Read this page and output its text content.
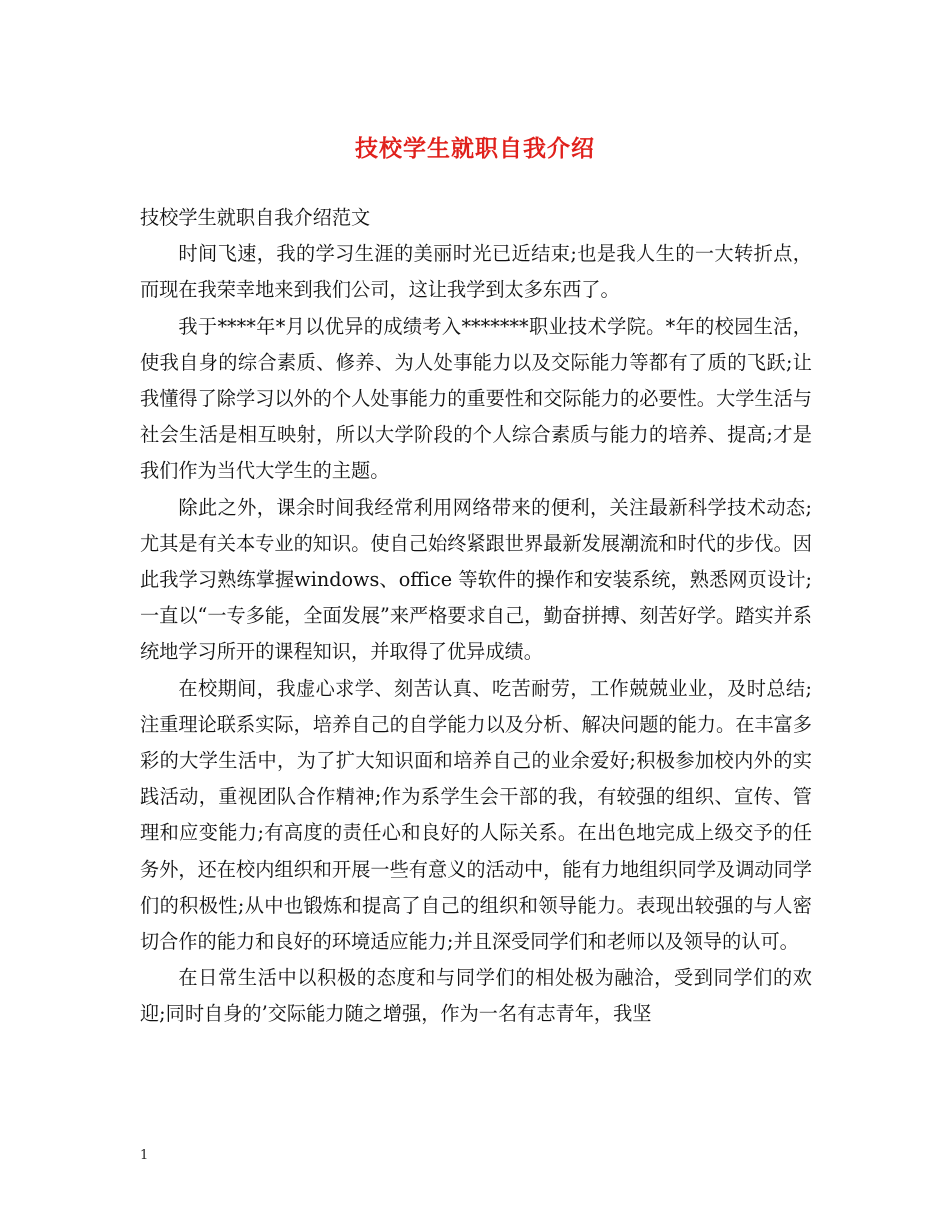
技校学生就职自我介绍

技校学生就职自我介绍范文

时间飞速，我的学习生涯的美丽时光已近结束;也是我人生的一大转折点，而现在我荣幸地来到我们公司，这让我学到太多东西了。

我于****年*月以优异的成绩考入*******职业技术学院。*年的校园生活，使我自身的综合素质、修养、为人处事能力以及交际能力等都有了质的飞跃;让我懂得了除学习以外的个人处事能力的重要性和交际能力的必要性。大学生活与社会生活是相互映射，所以大学阶段的个人综合素质与能力的培养、提高;才是我们作为当代大学生的主题。

除此之外，课余时间我经常利用网络带来的便利，关注最新科学技术动态;尤其是有关本专业的知识。使自己始终紧跟世界最新发展潮流和时代的步伐。因此我学习熟练掌握windows、office 等软件的操作和安装系统，熟悉网页设计;一直以“一专多能，全面发展”来严格要求自己，勤奋拼搏、刻苦好学。踏实并系统地学习所开的课程知识，并取得了优异成绩。

在校期间，我虚心求学、刻苦认真、吃苦耐劳，工作兢兢业业，及时总结;注重理论联系实际，培养自己的自学能力以及分析、解决问题的能力。在丰富多彩的大学生活中，为了扩大知识面和培养自己的业余爱好;积极参加校内外的实践活动，重视团队合作精神;作为系学生会干部的我，有较强的组织、宣传、管理和应变能力;有高度的责任心和良好的人际关系。在出色地完成上级交予的任务外，还在校内组织和开展一些有意义的活动中，能有力地组织同学及调动同学们的积极性;从中也锻炼和提高了自己的组织和领导能力。表现出较强的与人密切合作的能力和良好的环境适应能力;并且深受同学们和老师以及领导的认可。

在日常生活中以积极的态度和与同学们的相处极为融洽，受到同学们的欢迎;同时自身的’交际能力随之增强，作为一名有志青年，我坚

1
